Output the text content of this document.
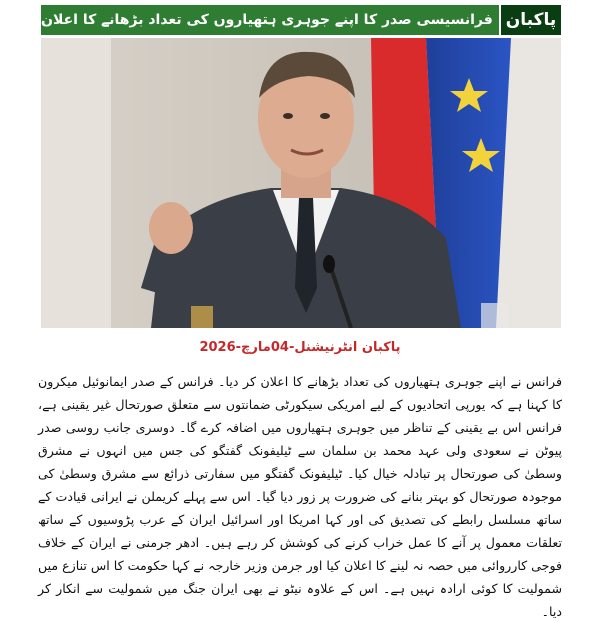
فرانسیسی صدر کا اپنے جوہری ہتھیاروں کی تعداد بڑھانے کا اعلان پاکبان
پاکبان انٹرنیشنل-04مارچ-2026
فرانس نے اپنے جوہری ہتھیاروں کی تعداد بڑھانے کا اعلان کر دیا۔ فرانس کے صدر ایمانوئیل میکرون کا کہنا ہے کہ یورپی اتحادیوں کے لیے امریکی سیکورٹی ضمانتوں سے متعلق صورتحال غیر یقینی ہے، فرانس اس بے یقینی کے تناظر میں جوہری ہتھیاروں میں اضافہ کرے گا۔ دوسری جانب روسی صدر پیوٹن نے سعودی ولی عہد محمد بن سلمان سے ٹیلیفونک گفتگو کی جس میں انہوں نے مشرق وسطیٰ کی صورتحال پر تبادلہ خیال کیا۔ ٹیلیفونک گفتگو میں سفارتی ذرائع سے مشرق وسطیٰ کی موجودہ صورتحال کو بہتر بنانے کی ضرورت پر زور دیا گیا۔ اس سے پہلے کریملن نے ایرانی قیادت کے ساتھ مسلسل رابطے کی تصدیق کی اور کہا امریکا اور اسرائیل ایران کے عرب پڑوسیوں کے ساتھ تعلقات معمول پر آنے کا عمل خراب کرنے کی کوشش کر رہے ہیں۔ ادھر جرمنی نے ایران کے خلاف فوجی کارروائی میں حصہ نہ لینے کا اعلان کیا اور جرمن وزیر خارجہ نے کہا حکومت کا اس تنازع میں شمولیت کا کوئی ارادہ نہیں ہے۔ اس کے علاوہ نیٹو نے بھی ایران جنگ میں شمولیت سے انکار کر دیا۔
